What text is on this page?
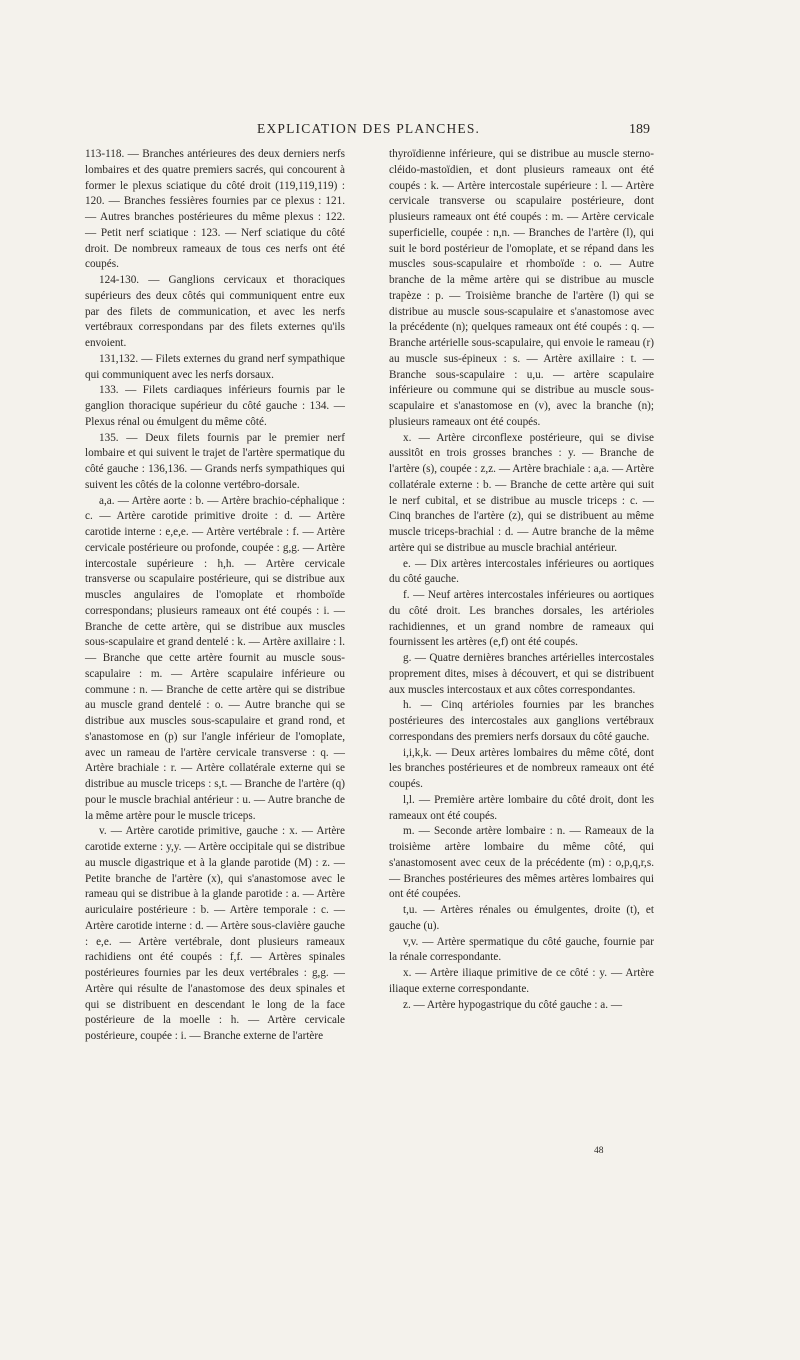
EXPLICATION DES PLANCHES.	189

113-118. — Branches antérieures des deux derniers nerfs lombaires et des quatre premiers sacrés, qui concourent à former le plexus sciatique du côté droit (119,119,119) : 120. — Branches fessières fournies par ce plexus : 121. — Autres branches postérieures du même plexus : 122. — Petit nerf sciatique : 123. — Nerf sciatique du côté droit. De nombreux rameaux de tous ces nerfs ont été coupés.

124-130. — Ganglions cervicaux et thoraciques supérieurs des deux côtés qui communiquent entre eux par des filets de communication, et avec les nerfs vertébraux correspondans par des filets externes qu'ils envoient.

131,132. — Filets externes du grand nerf sympathique qui communiquent avec les nerfs dorsaux.

133. — Filets cardiaques inférieurs fournis par le ganglion thoracique supérieur du côté gauche : 134. —Plexus rénal ou émulgent du même côté.

135. — Deux filets fournis par le premier nerf lombaire et qui suivent le trajet de l'artère spermatique du côté gauche : 136,136. — Grands nerfs sympathiques qui suivent les côtés de la colonne vertébro-dorsale.

a,a. — Artère aorte : b. — Artère brachio-céphalique : c. — Artère carotide primitive droite : d. — Artère carotide interne : e,e,e. — Artère vertébrale : f. — Artère cervicale postérieure ou profonde, coupée : g,g. — Artère intercostale supérieure : h,h. — Artère cervicale transverse ou scapulaire postérieure, qui se distribue aux muscles angulaires de l'omoplate et rhomboïde correspondans; plusieurs rameaux ont été coupés : i. — Branche de cette artère, qui se distribue aux muscles sous-scapulaire et grand dentelé : k. — Artère axillaire : l. — Branche que cette artère fournit au muscle sous-scapulaire : m. — Artère scapulaire inférieure ou commune : n. — Branche de cette artère qui se distribue au muscle grand dentelé : o. — Autre branche qui se distribue aux muscles sous-scapulaire et grand rond, et s'anastomose en (p) sur l'angle inférieur de l'omoplate, avec un rameau de l'artère cervicale transverse : q. — Artère brachiale : r. — Artère collatérale externe qui se distribue au muscle triceps : s,t. — Branche de l'artère (q) pour le muscle brachial antérieur : u. — Autre branche de la même artère pour le muscle triceps.

v. — Artère carotide primitive, gauche : x. — Artère carotide externe : y,y. — Artère occipitale qui se distribue au muscle digastrique et à la glande parotide (M) : z. — Petite branche de l'artère (x), qui s'anastomose avec le rameau qui se distribue à la glande parotide : a. — Artère auriculaire postérieure : b. — Artère temporale : c. — Artère carotide interne : d. — Artère sous-clavière gauche : e,e. — Artère vertébrale, dont plusieurs rameaux rachidiens ont été coupés : f,f. — Artères spinales postérieures fournies par les deux vertébrales : g,g. — Artère qui résulte de l'anastomose des deux spinales et qui se distribuent en descendant le long de la face postérieure de la moelle : h. — Artère cervicale postérieure, coupée : i. — Branche externe de l'artère

thyroïdienne inférieure, qui se distribue au muscle sterno-cléido-mastoïdien, et dont plusieurs rameaux ont été coupés : k. — Artère intercostale supérieure : l. — Artère cervicale transverse ou scapulaire postérieure, dont plusieurs rameaux ont été coupés : m. — Artère cervicale superficielle, coupée : n,n. — Branches de l'artère (l), qui suit le bord postérieur de l'omoplate, et se répand dans les muscles sous-scapulaire et rhomboïde : o. — Autre branche de la même artère qui se distribue au muscle trapèze : p. — Troisième branche de l'artère (l) qui se distribue au muscle sous-scapulaire et s'anastomose avec la précédente (n); quelques rameaux ont été coupés : q. — Branche artérielle sous-scapulaire, qui envoie le rameau (r) au muscle sus-épineux : s. — Artère axillaire : t. — Branche sous-scapulaire : u,u. — artère scapulaire inférieure ou commune qui se distribue au muscle sous-scapulaire et s'anastomose en (v), avec la branche (n); plusieurs rameaux ont été coupés.

x. — Artère circonflexe postérieure, qui se divise aussitôt en trois grosses branches : y. — Branche de l'artère (s), coupée : z,z. — Artère brachiale : a,a. — Artère collatérale externe : b. — Branche de cette artère qui suit le nerf cubital, et se distribue au muscle triceps : c. — Cinq branches de l'artère (z), qui se distribuent au même muscle triceps-brachial : d. — Autre branche de la même artère qui se distribue au muscle brachial antérieur.

e. — Dix artères intercostales inférieures ou aortiques du côté gauche.

f. — Neuf artères intercostales inférieures ou aortiques du côté droit. Les branches dorsales, les artérioles rachidiennes, et un grand nombre de rameaux qui fournissent les artères (e,f) ont été coupés.

g. — Quatre dernières branches artérielles intercostales proprement dites, mises à découvert, et qui se distribuent aux muscles intercostaux et aux côtes correspondantes.

h. — Cinq artérioles fournies par les branches postérieures des intercostales aux ganglions vertébraux correspondans des premiers nerfs dorsaux du côté gauche.

i,i,k,k. — Deux artères lombaires du même côté, dont les branches postérieures et de nombreux rameaux ont été coupés.

l,l. — Première artère lombaire du côté droit, dont les rameaux ont été coupés.

m. — Seconde artère lombaire : n. — Rameaux de la troisième artère lombaire du même côté, qui s'anastomosent avec ceux de la précédente (m) : o,p,q,r,s. — Branches postérieures des mêmes artères lombaires qui ont été coupées.

t,u. — Artères rénales ou émulgentes, droite (t), et gauche (u).

v,v. — Artère spermatique du côté gauche, fournie par la rénale correspondante.

x. — Artère iliaque primitive de ce côté : y. — Artère iliaque externe correspondante.

z. — Artère hypogastrique du côté gauche : a. —

48
